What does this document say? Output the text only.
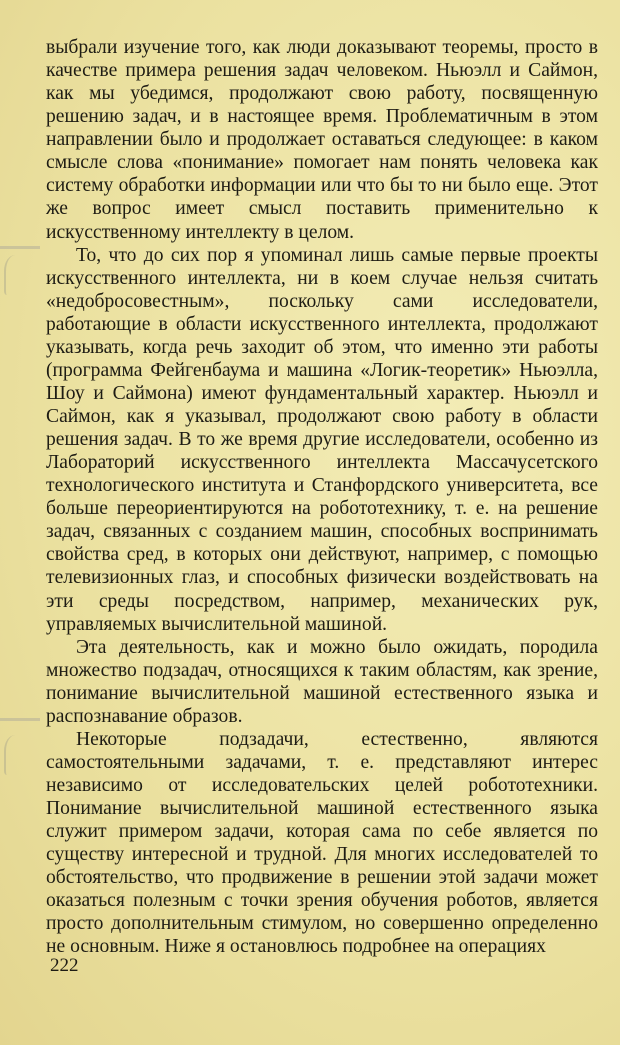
выбрали изучение того, как люди доказывают теоремы, просто в качестве примера решения задач человеком. Ньюэлл и Саймон, как мы убедимся, продолжают свою работу, посвященную решению задач, и в настоящее время. Проблематичным в этом направлении было и продолжает оставаться следующее: в каком смысле слова «понимание» помогает нам понять человека как систему обработки информации или что бы то ни было еще. Этот же вопрос имеет смысл поставить применительно к искусственному интеллекту в целом.

То, что до сих пор я упоминал лишь самые первые проекты искусственного интеллекта, ни в коем случае нельзя считать «недобросовестным», поскольку сами исследователи, работающие в области искусственного интеллекта, продолжают указывать, когда речь заходит об этом, что именно эти работы (программа Фейгенбаума и машина «Логик-теоретик» Ньюэлла, Шоу и Саймона) имеют фундаментальный характер. Ньюэлл и Саймон, как я указывал, продолжают свою работу в области решения задач. В то же время другие исследователи, особенно из Лабораторий искусственного интеллекта Массачусетского технологического института и Станфордского университета, все больше переориентируются на робототехнику, т. е. на решение задач, связанных с созданием машин, способных воспринимать свойства сред, в которых они действуют, например, с помощью телевизионных глаз, и способных физически воздействовать на эти среды посредством, например, механических рук, управляемых вычислительной машиной.

Эта деятельность, как и можно было ожидать, породила множество подзадач, относящихся к таким областям, как зрение, понимание вычислительной машиной естественного языка и распознавание образов.

Некоторые подзадачи, естественно, являются самостоятельными задачами, т. е. представляют интерес независимо от исследовательских целей робототехники. Понимание вычислительной машиной естественного языка служит примером задачи, которая сама по себе является по существу интересной и трудной. Для многих исследователей то обстоятельство, что продвижение в решении этой задачи может оказаться полезным с точки зрения обучения роботов, является просто дополнительным стимулом, но совершенно определенно не основным. Ниже я остановлюсь подробнее на операциях

222
